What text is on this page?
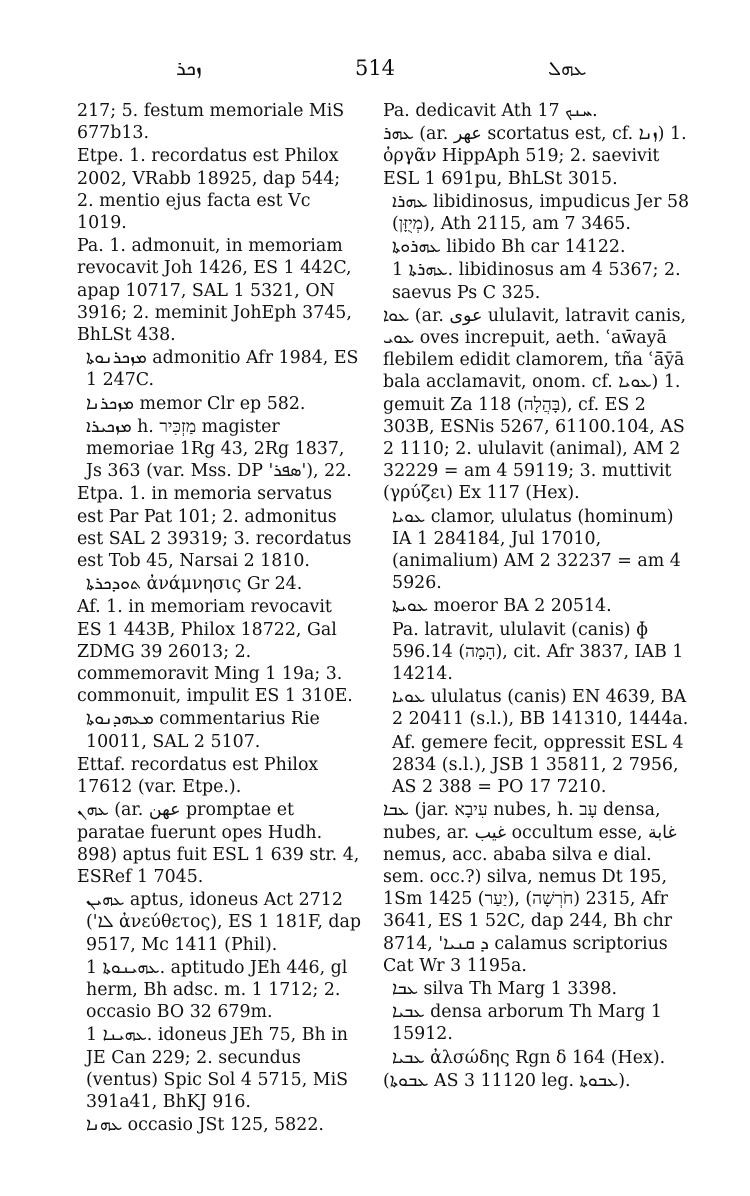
ܙܟܪ	514	ܥܗܠ

217; 5. festum memoriale MiS 677b13.

Etpe. 1. recordatus est Philox 2002, VRabb 18925, dap 544; 2. mentio ejus facta est Vc 1019.

Pa. 1. admonuit, in memoriam revocavit Joh 1426, ES 1 442C, apap 10717, SAL 1 5321, ON 3916; 2. meminit JohEph 3745, BhLSt 438.

ܡܙܟܪܢܘܬܐ admonitio Afr 1984, ES 1 247C.

ܡܙܟܪܢܐ memor Clr ep 582.

ܡܙܟܝܪܐ h. מַזְכִּיר magister memoriae 1Rg 43, 2Rg 1837, Js 363 (var. Mss. DP 'ܣܦܪ'), 22.

Etpa. 1. in memoria servatus est Par Pat 101; 2. admonitus est SAL 2 39319; 3. recordatus est Tob 45, Narsai 2 1810.

ܬܘܕܟܪܬܐ ἀνάμνησις Gr 24.

Af. 1. in memoriam revocavit ES 1 443B, Philox 18722, Gal ZDMG 39 26013; 2. commemoravit Ming 1 19a; 3. commonuit, impulit ES 1 310E.

ܡܥܗܕܢܘܬܐ commentarius Rie 10011, SAL 2 5107.

Ettaf. recordatus est Philox 17612 (var. Etpe.).

ܥܗܢ (ar. عهن promptae et paratae fuerunt opes Hudh. 898) aptus fuit ESL 1 639 str. 4, ESRef 1 7045.

ܥܗܝܢ aptus, idoneus Act 2712 ('ܠܐ ἀνεύθετος), ES 1 181F, dap 9517, Mc 1411 (Phil).

ܥܗܝܢܘܬܐ 1. aptitudo JEh 446, gl herm, Bh adsc. m. 1 1712; 2. occasio BO 32 679m.

ܥܗܝܢܐ 1. idoneus JEh 75, Bh in JE Can 229; 2. secundus (ventus) Spic Sol 4 5715, MiS 391a41, BhKJ 916.

ܥܗܢܐ occasio JSt 125, 5822.

Pa. dedicavit Ath ܚܢܟ 17.

ܥܗܪ (ar. عهر scortatus est, cf. ܙܢܐ) 1. ὀργᾶν HippAph 519; 2. saevivit ESL 1 691pu, BhLSt 3015.

ܥܗܪܐ libidinosus, impudicus Jer 58 (מְיֻזָּן), Ath 2115, am 7 3465.

ܥܗܪܘܬܐ libido Bh car 14122.

ܥܗܪܬܐ 1. libidinosus am 4 5367; 2. saevus Ps C 325.

ܥܘܐ (ar. عوى ululavit, latravit canis, ܥܘܝ oves increpuit, aeth. ʿaw̄ayā flebilem edidit clamorem, tña ʿā̄ȳā bala acclamavit, onom. cf. ܥܘܝܐ) 1. gemuit Za 118 (בָּהֲלָה), cf. ES 2 303B, ESNis 5267, 61100.104, AS 2 1110; 2. ululavit (animal), AM 2 32229 = am 4 59119; 3. muttivit (γρύζει) Ex 117 (Hex).

ܥܘܝܐ clamor, ululatus (hominum) IA 1 284184, Jul 17010, (animalium) AM 2 32237 = am 4 5926.

ܥܘܝܬܐ moeror BA 2 20514.

Pa. latravit, ululavit (canis) ɸ 596.14 (הָמָה), cit. Afr 3837, IAB 1 14214.

ܥܘܝܐ ululatus (canis) EN 4639, BA 2 20411 (s.l.), BB 141310, 1444a.

Af. gemere fecit, oppressit ESL 4 2834 (s.l.), JSB 1 35811, 2 7956, AS 2 388 = PO 17 7210.

ܥܒܐ (jar. עִיבָא nubes, h. עָב densa, nubes, ar. غيب occultum esse, غابة nemus, acc. ababa silva e dial. sem. occ.?) silva, nemus Dt 195, 1Sm 1425 (יַעַר), 2315 (חֹרְשָׁה), Afr 3641, ES 1 52C, dap 244, Bh chr 8714, 'ܕ ܩܢܝܐ calamus scriptorius Cat Wr 3 1195a.

ܥܒܐ silva Th Marg 1 3398.

ܥܒܝܐ densa arborum Th Marg 1 15912.

ܥܒܝܐ ἀλσώδης Rgn δ 164 (Hex).

(ܥܒܘܬܐ AS 3 11120 leg. ܥܒܘܬܐ).
